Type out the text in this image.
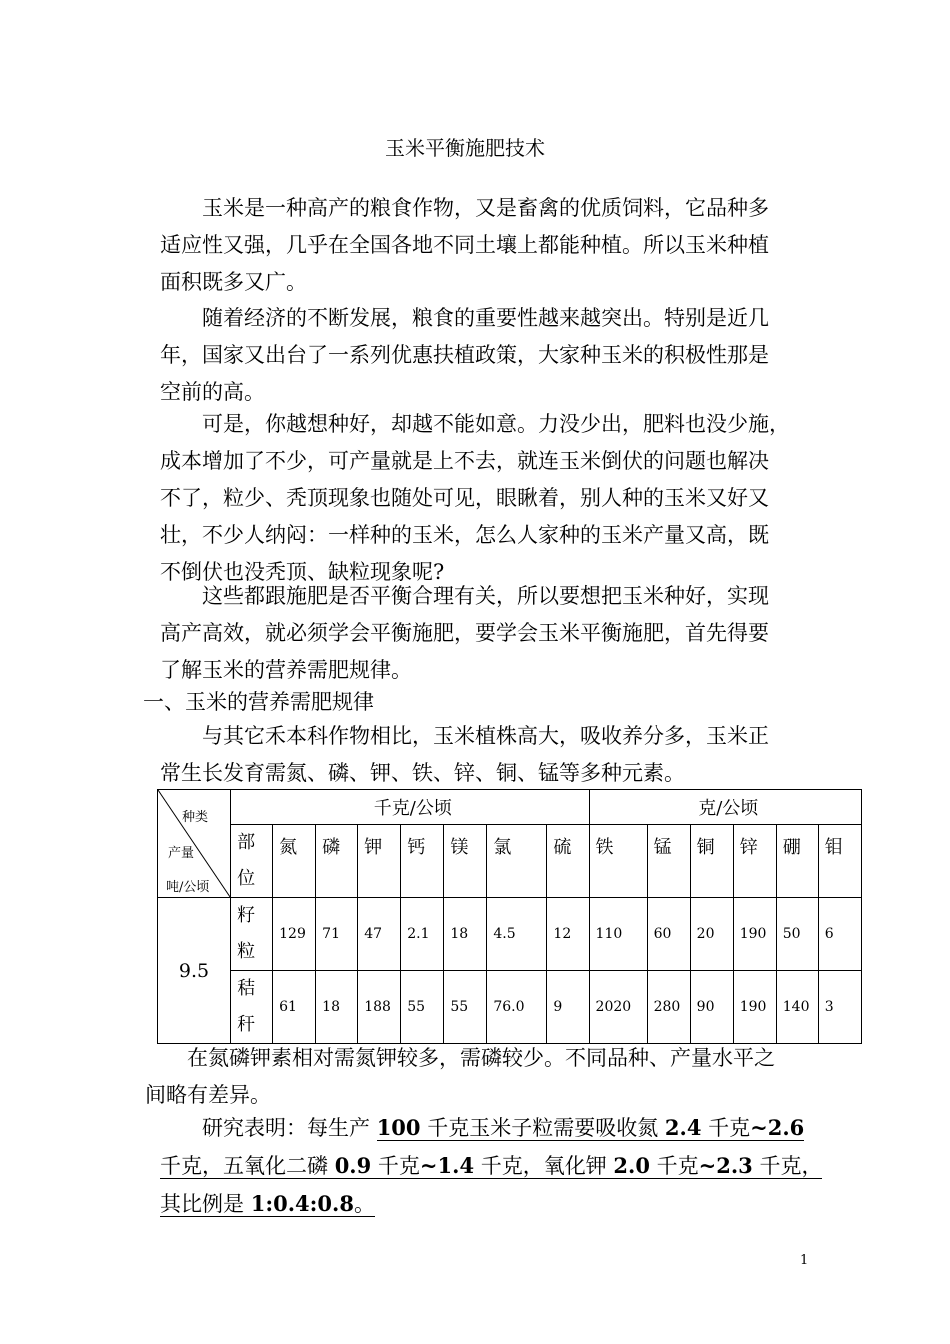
玉米平衡施肥技术
玉米是一种高产的粮食作物，又是畜禽的优质饲料，它品种多
适应性又强，几乎在全国各地不同土壤上都能种植。所以玉米种植
面积既多又广。
随着经济的不断发展，粮食的重要性越来越突出。特别是近几
年，国家又出台了一系列优惠扶植政策，大家种玉米的积极性那是
空前的高。
可是，你越想种好，却越不能如意。力没少出，肥料也没少施，
成本增加了不少，可产量就是上不去，就连玉米倒伏的问题也解决
不了，粒少、秃顶现象也随处可见，眼瞅着，别人种的玉米又好又
壮，不少人纳闷：一样种的玉米，怎么人家种的玉米产量又高，既
不倒伏也没秃顶、缺粒现象呢?
这些都跟施肥是否平衡合理有关，所以要想把玉米种好，实现
高产高效，就必须学会平衡施肥，要学会玉米平衡施肥，首先得要
了解玉米的营养需肥规律。
一、玉米的营养需肥规律
与其它禾本科作物相比，玉米植株高大，吸收养分多，玉米正
常生长发育需氮、磷、钾、铁、锌、铜、锰等多种元素。
种类
产量
吨/公顷	千克/公顷								克/公顷					

	部
位	氮	磷	钾	钙	镁	氯	硫	铁	锰	铜	锌	硼	钼
9.5	籽
粒	129	71	47	2.1	18	4.5	12	110	60	20	190	50	6

	秸
秆	61	18	188	55	55	76.0	9	2020	280	90	190	140	3
在氮磷钾素相对需氮钾较多，需磷较少。不同品种、产量水平之
间略有差异。
研究表明：每生产 100 千克玉米子粒需要吸收氮 2.4 千克~2.6
千克，五氧化二磷 0.9 千克~1.4 千克，氧化钾 2.0 千克~2.3 千克，
其比例是 1:0.4:0.8。
1
